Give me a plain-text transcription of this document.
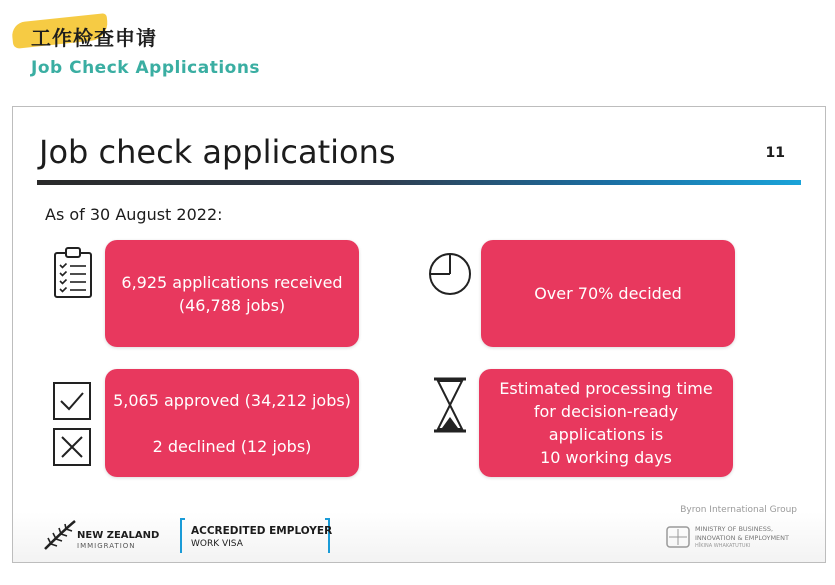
工作检查申请
Job Check Applications
Job check applications	11
As of 30 August 2022:
6,925 applications received
(46,788 jobs)
Over 70% decided
5,065 approved (34,212 jobs)
2 declined (12 jobs)
Estimated processing time
for decision-ready
applications is
10 working days
Byron International Group
NEW ZEALAND
IMMIGRATION
ACCREDITED EMPLOYER
WORK VISA
MINISTRY OF BUSINESS,
INNOVATION & EMPLOYMENT
HĪKINA WHAKATUTUKI
